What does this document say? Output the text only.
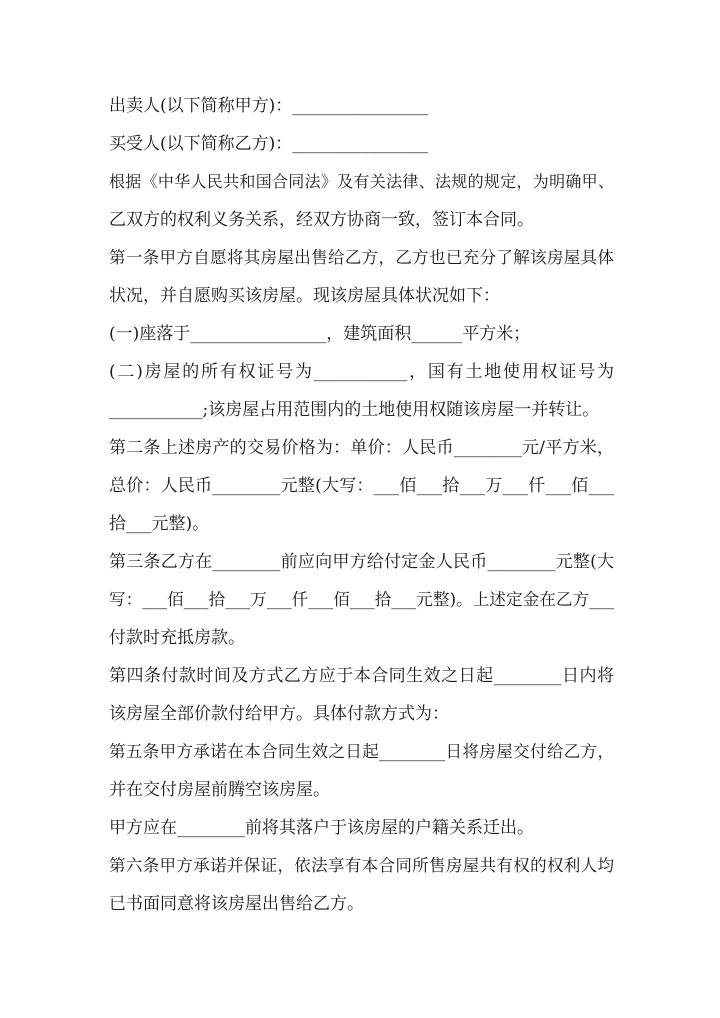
出卖人(以下简称甲方)：________________

买受人(以下简称乙方)：________________

根据《中华人民共和国合同法》及有关法律、法规的规定，为明确甲、

乙双方的权利义务关系，经双方协商一致，签订本合同。

第一条甲方自愿将其房屋出售给乙方，乙方也已充分了解该房屋具体

状况，并自愿购买该房屋。现该房屋具体状况如下：

(一)座落于________________，建筑面积______平方米；

(二)房屋的所有权证号为___________，国有土地使用权证号为

___________;该房屋占用范围内的土地使用权随该房屋一并转让。

第二条上述房产的交易价格为：单价：人民币________元/平方米，

总价：人民币________元整(大写：___佰___拾___万___仟___佰___

拾___元整)。

第三条乙方在________前应向甲方给付定金人民币________元整(大

写：___佰___拾___万___仟___佰___拾___元整)。上述定金在乙方___

付款时充抵房款。

第四条付款时间及方式乙方应于本合同生效之日起________日内将

该房屋全部价款付给甲方。具体付款方式为：

第五条甲方承诺在本合同生效之日起________日将房屋交付给乙方，

并在交付房屋前腾空该房屋。

甲方应在________前将其落户于该房屋的户籍关系迁出。

第六条甲方承诺并保证，依法享有本合同所售房屋共有权的权利人均

已书面同意将该房屋出售给乙方。
